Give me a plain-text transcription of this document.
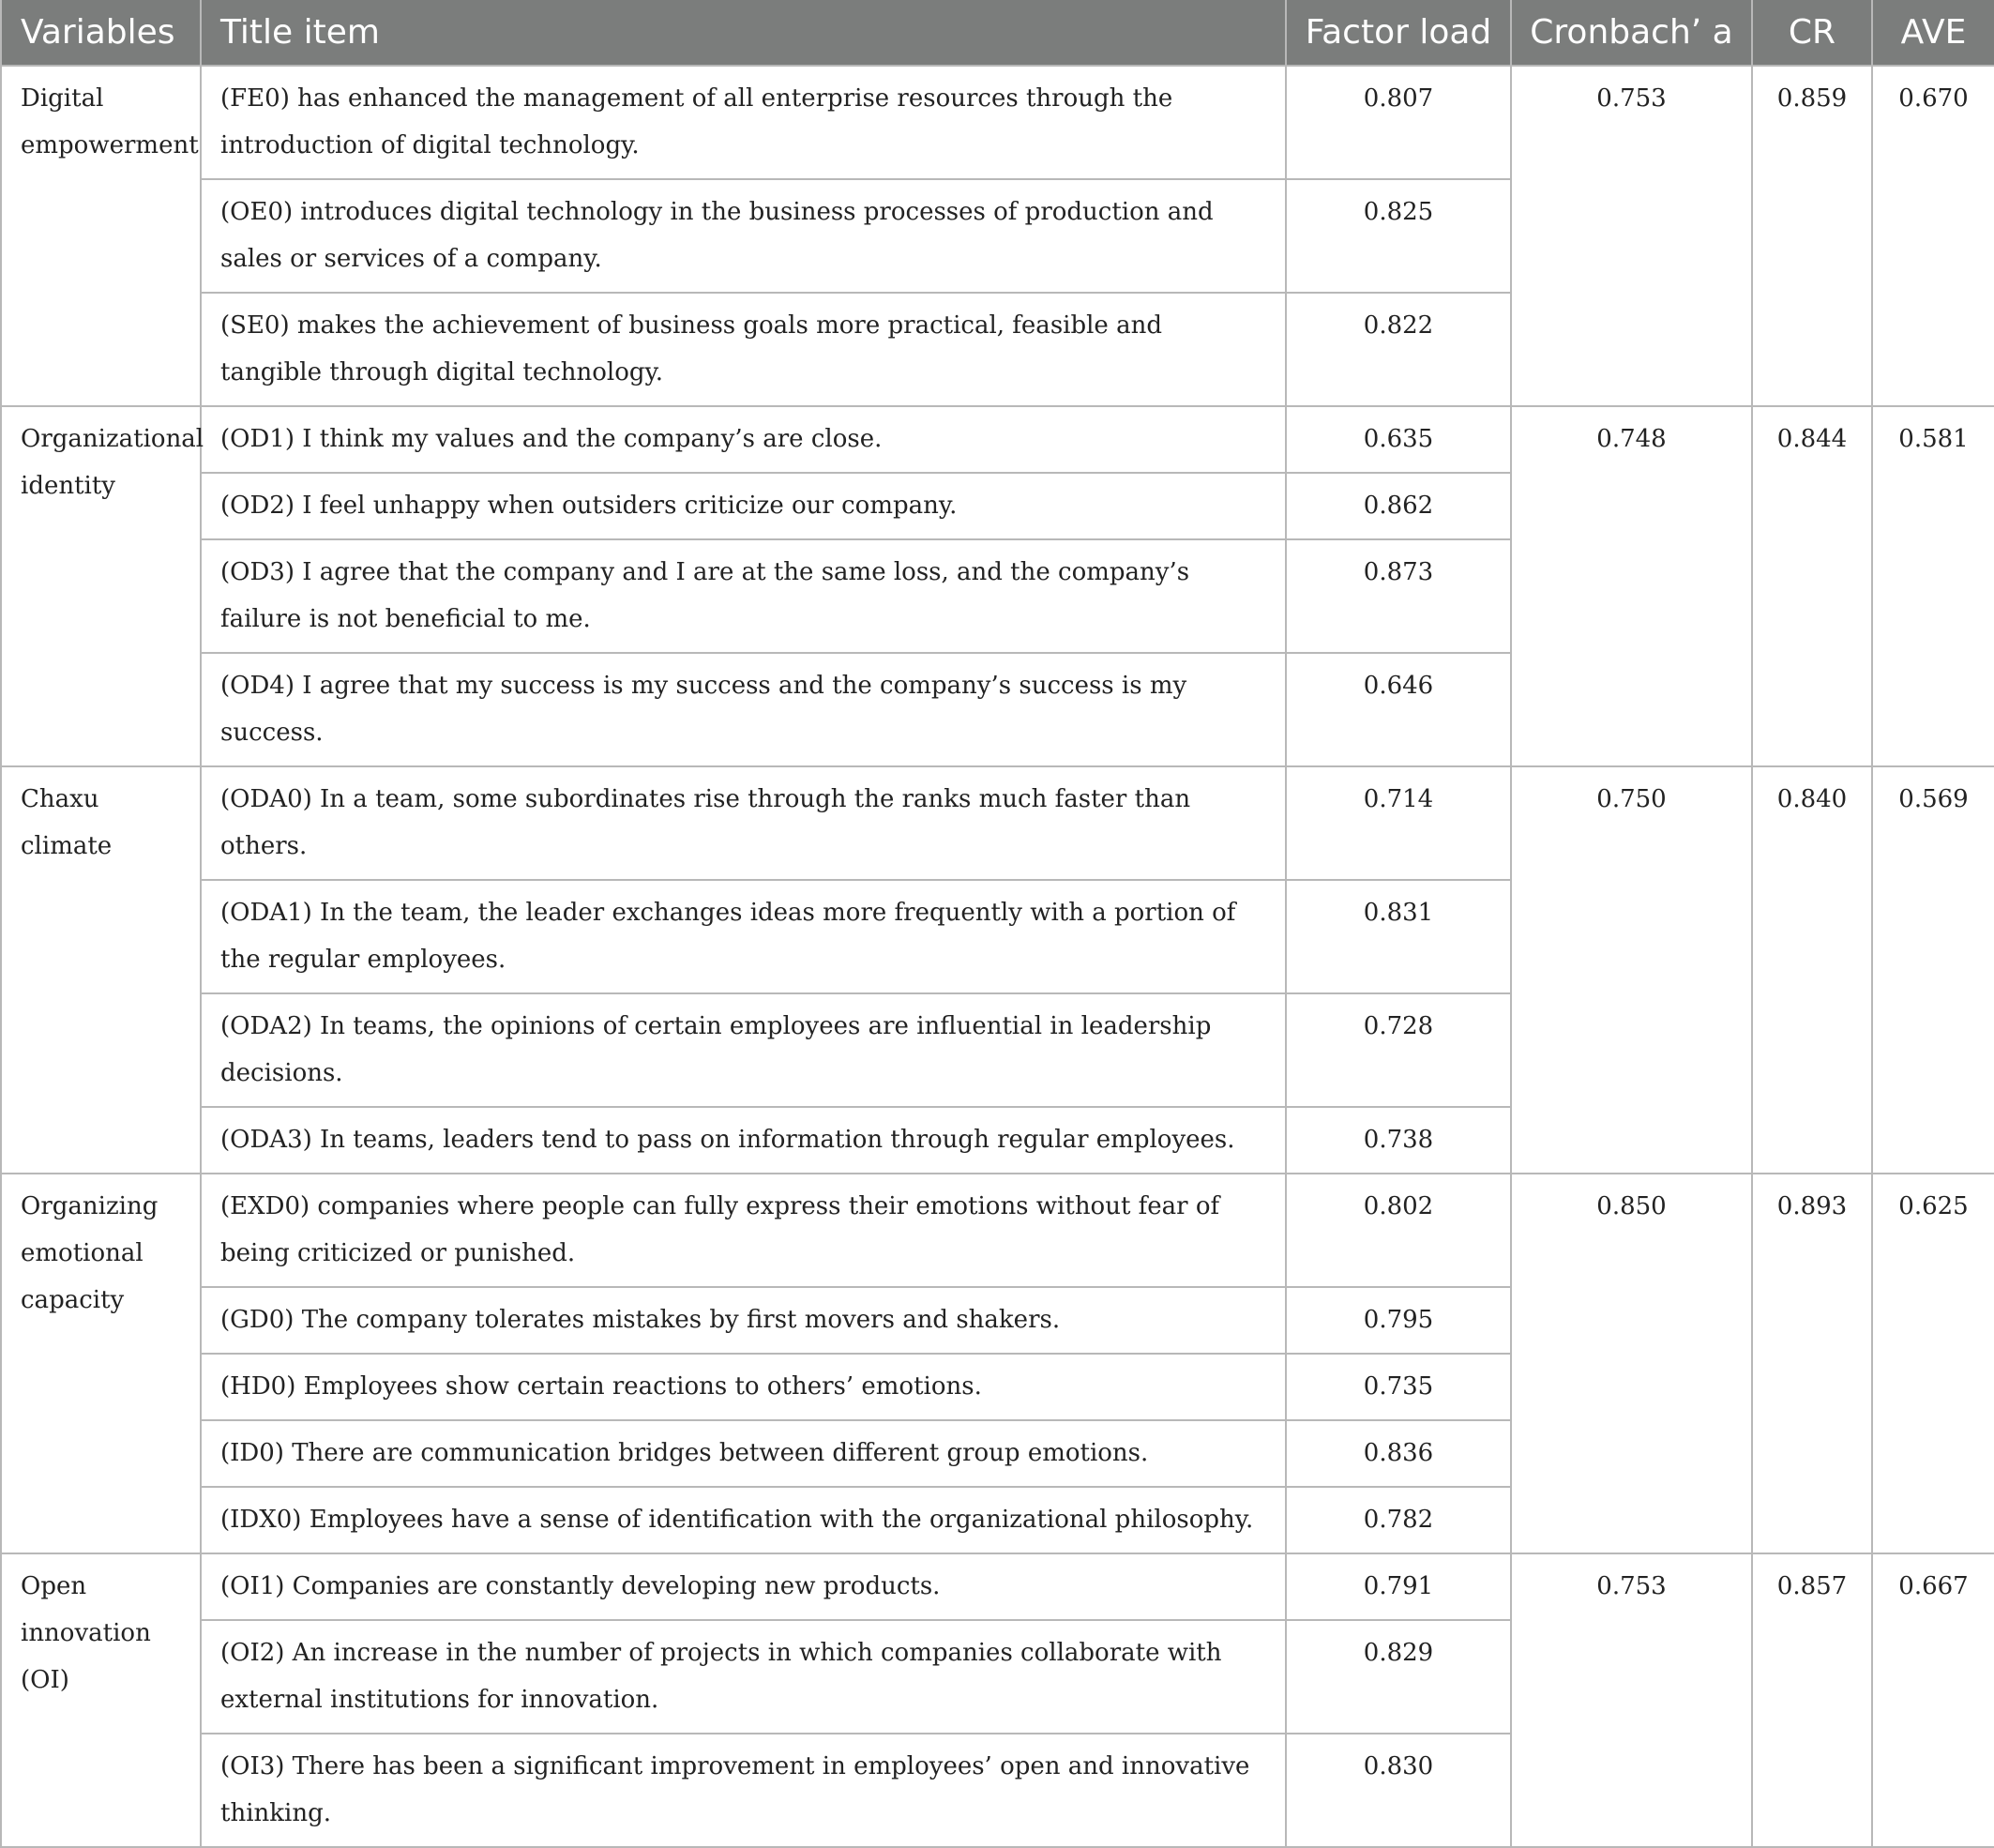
Variables	Title item	Factor load	Cronbach’ a	CR	AVE
Digital empowerment	(FE0) has enhanced the management of all enterprise resources through the introduction of digital technology.	0.807	0.753	0.859	0.670
	(OE0) introduces digital technology in the business processes of production and sales or services of a company.	0.825			
	(SE0) makes the achievement of business goals more practical, feasible and tangible through digital technology.	0.822			
Organizational identity	(OD1) I think my values and the company’s are close.	0.635	0.748	0.844	0.581
	(OD2) I feel unhappy when outsiders criticize our company.	0.862			
	(OD3) I agree that the company and I are at the same loss, and the company’s failure is not beneficial to me.	0.873			
	(OD4) I agree that my success is my success and the company’s success is my success.	0.646			
Chaxu climate	(ODA0) In a team, some subordinates rise through the ranks much faster than others.	0.714	0.750	0.840	0.569
	(ODA1) In the team, the leader exchanges ideas more frequently with a portion of the regular employees.	0.831			
	(ODA2) In teams, the opinions of certain employees are influential in leadership decisions.	0.728			
	(ODA3) In teams, leaders tend to pass on information through regular employees.	0.738			
Organizing emotional capacity	(EXD0) companies where people can fully express their emotions without fear of being criticized or punished.	0.802	0.850	0.893	0.625
	(GD0) The company tolerates mistakes by first movers and shakers.	0.795			
	(HD0) Employees show certain reactions to others’ emotions.	0.735			
	(ID0) There are communication bridges between different group emotions.	0.836			
	(IDX0) Employees have a sense of identification with the organizational philosophy.	0.782			
Open innovation (OI)	(OI1) Companies are constantly developing new products.	0.791	0.753	0.857	0.667
	(OI2) An increase in the number of projects in which companies collaborate with external institutions for innovation.	0.829			
	(OI3) There has been a significant improvement in employees’ open and innovative thinking.	0.830			
